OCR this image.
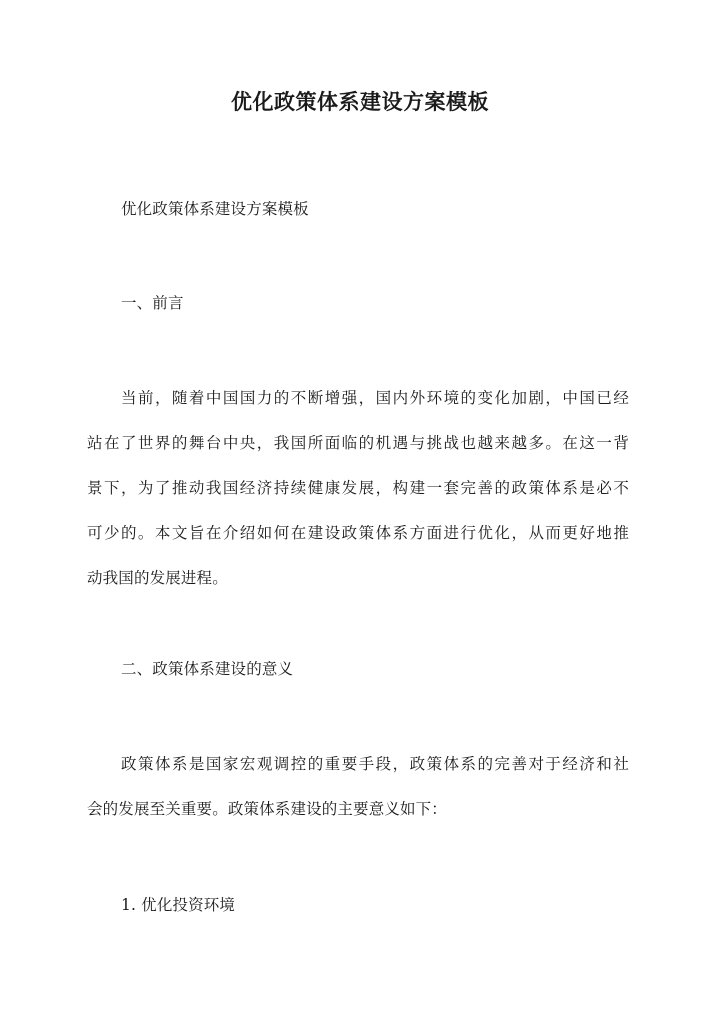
优化政策体系建设方案模板
优化政策体系建设方案模板
一、前言
当前，随着中国国力的不断增强，国内外环境的变化加剧，中国已经
站在了世界的舞台中央，我国所面临的机遇与挑战也越来越多。在这一背
景下，为了推动我国经济持续健康发展，构建一套完善的政策体系是必不
可少的。本文旨在介绍如何在建设政策体系方面进行优化，从而更好地推
动我国的发展进程。
二、政策体系建设的意义
政策体系是国家宏观调控的重要手段，政策体系的完善对于经济和社
会的发展至关重要。政策体系建设的主要意义如下：
1. 优化投资环境
